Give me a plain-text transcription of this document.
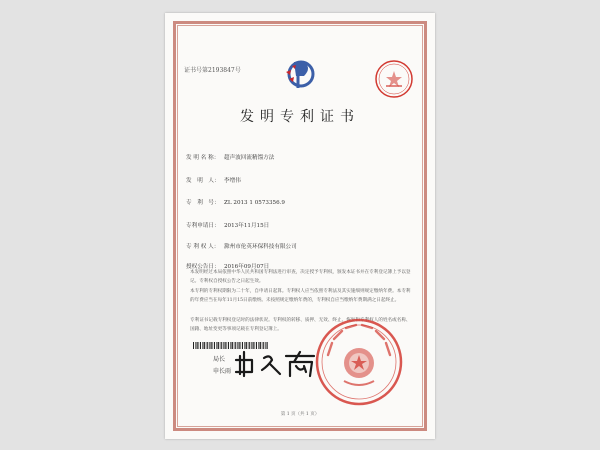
证书号第2193847号
发明专利证书
发 明 名 称： 超声波回流精馏方法
发　明　人： 李增伟
专　利　号： ZL 2013 1 0573356.9
专利申请日： 2013年11月15日
专 利 权 人： 滁州市伦英环保科技有限公司
授权公告日： 2016年09月07日
本发明经过本局依照中华人民共和国专利法进行审查，决定授予专利权，颁发本证书并在专利登记簿上予以登记。专利权自授权公告之日起生效。
本专利的专利权期限为二十年，自申请日起算。专利权人应当依照专利法及其实施细则规定缴纳年费。本专利的年费应当在每年11月15日前缴纳。未按照规定缴纳年费的，专利权自应当缴纳年费期满之日起终止。
专利证书记载专利权登记时的法律状况。专利权的转移、质押、无效、终止、恢复和专利权人的姓名或名称、国籍、地址变更等事项记载在专利登记簿上。
局长
申长雨
第 1 页（共 1 页）
